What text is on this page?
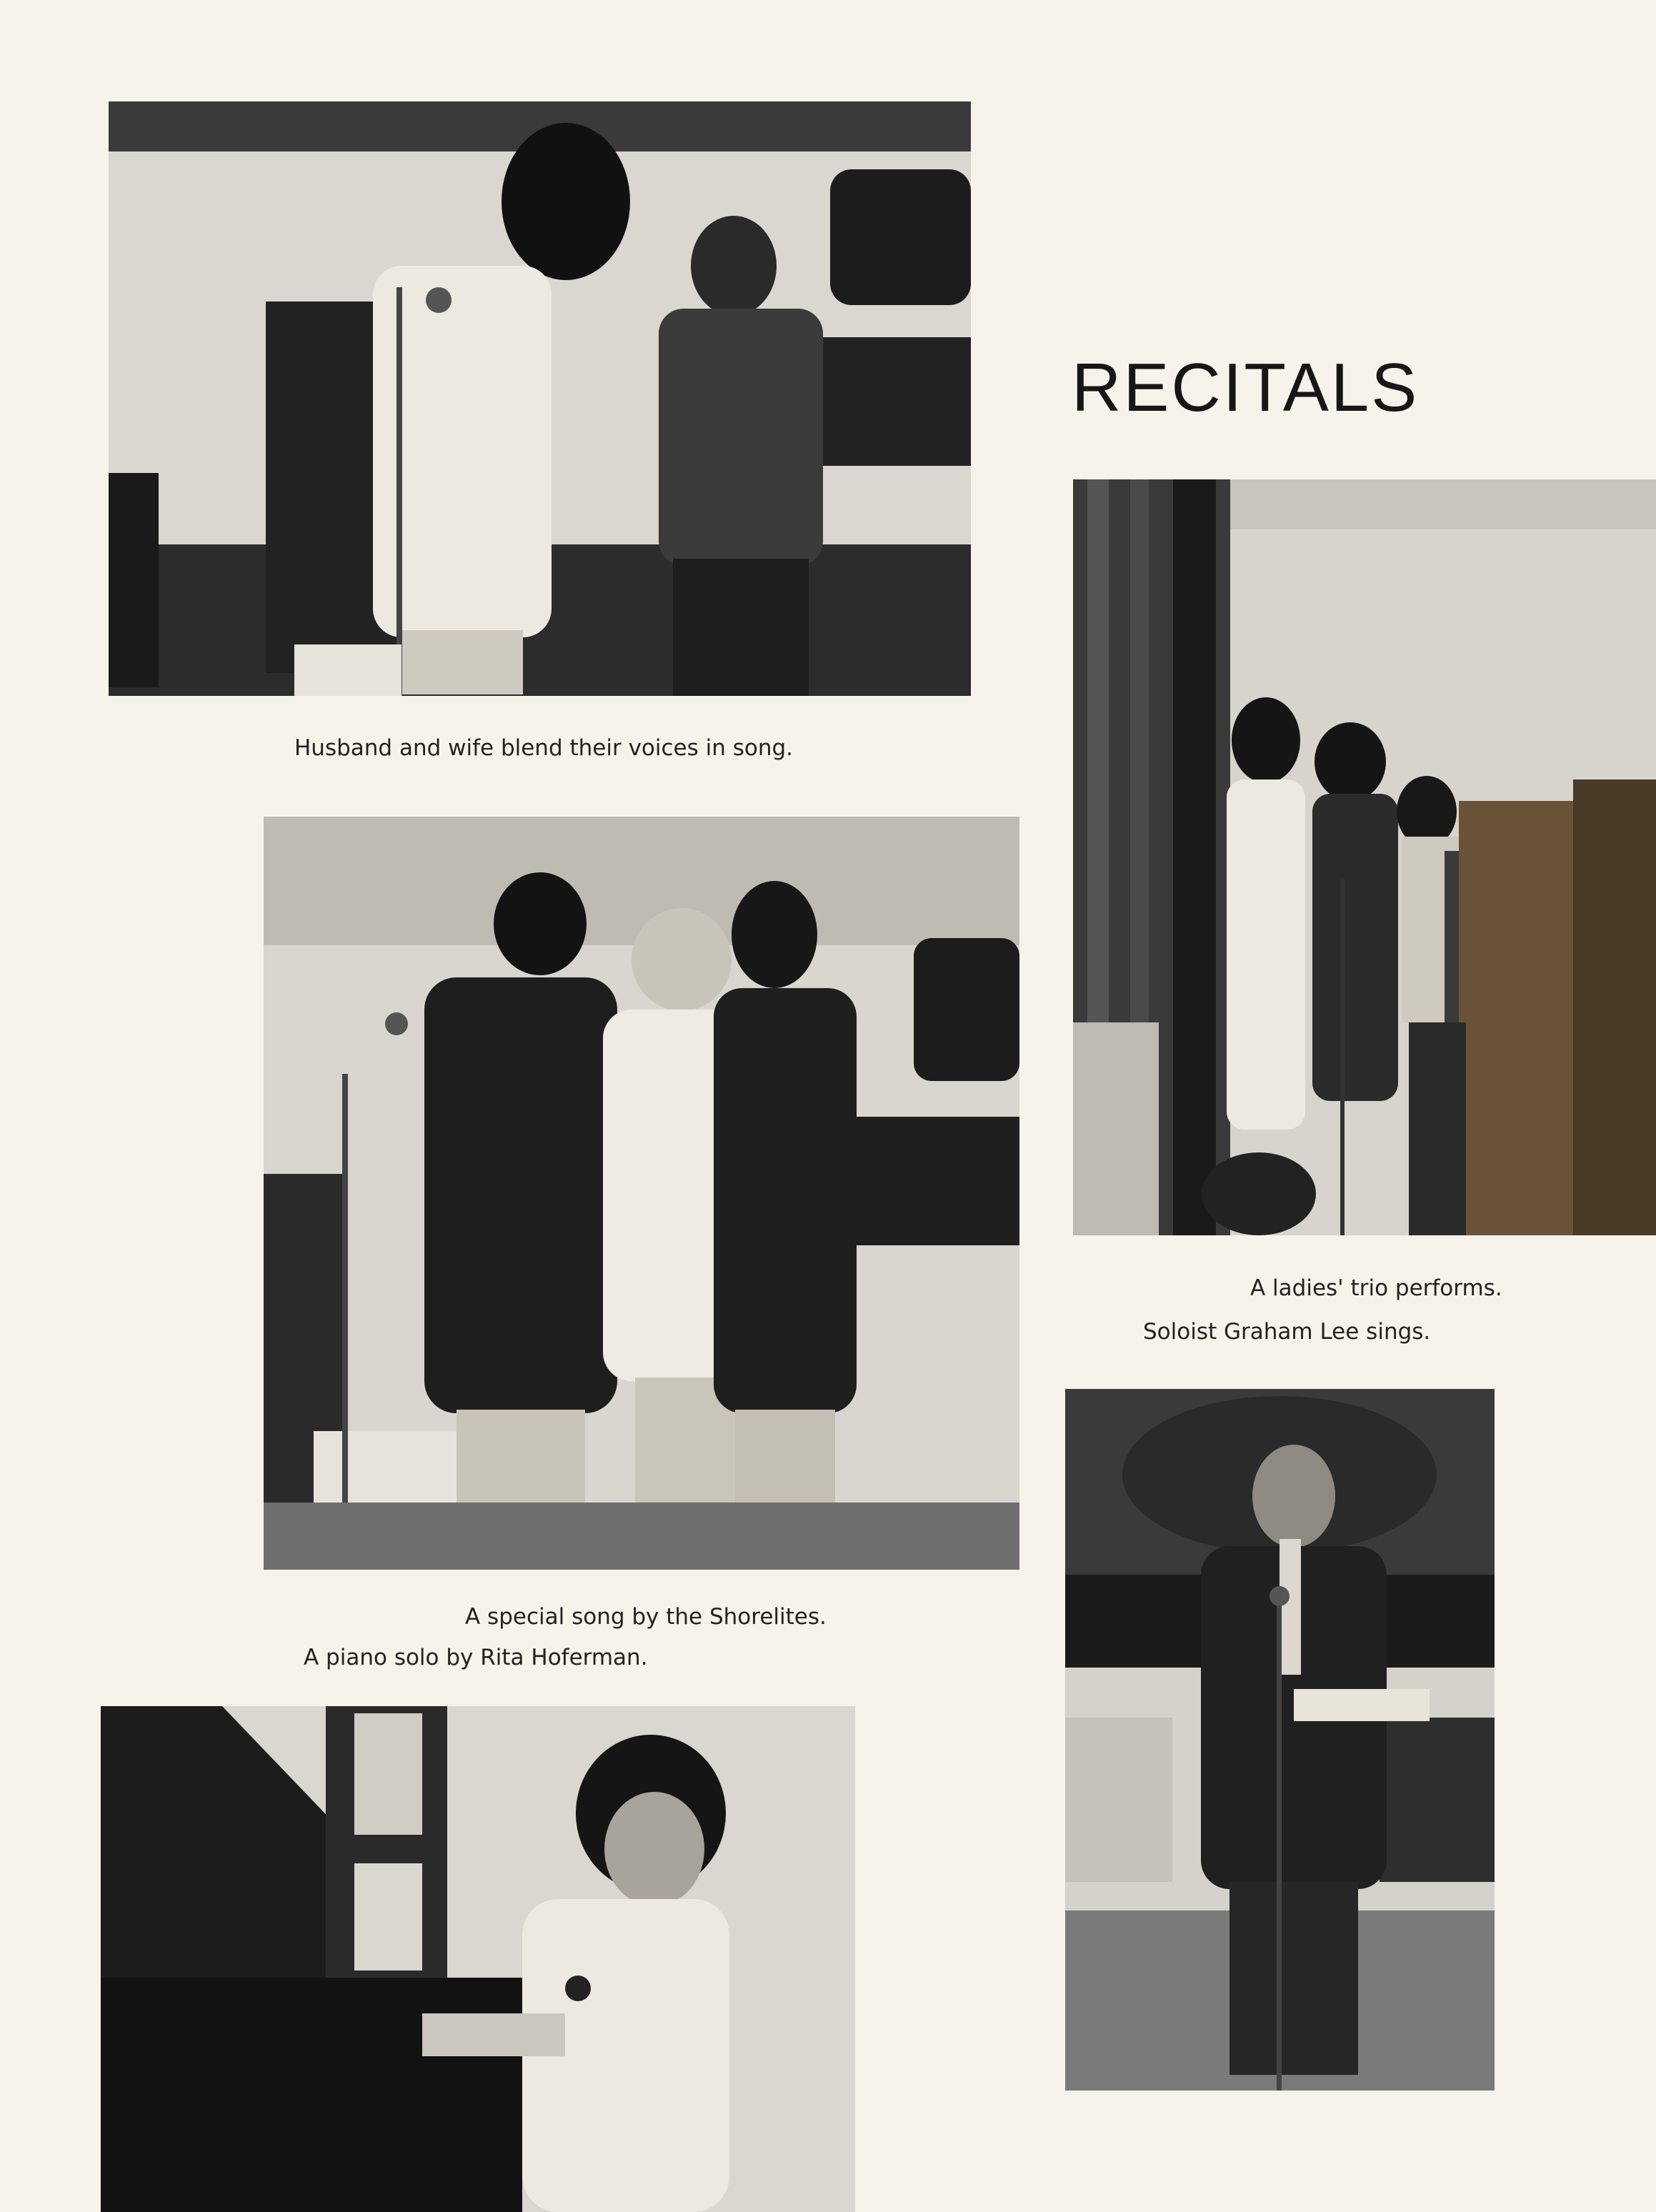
RECITALS
Husband and wife blend their voices in song.
A ladies' trio performs.
Soloist Graham Lee sings.
A special song by the Shorelites.
A piano solo by Rita Hoferman.
